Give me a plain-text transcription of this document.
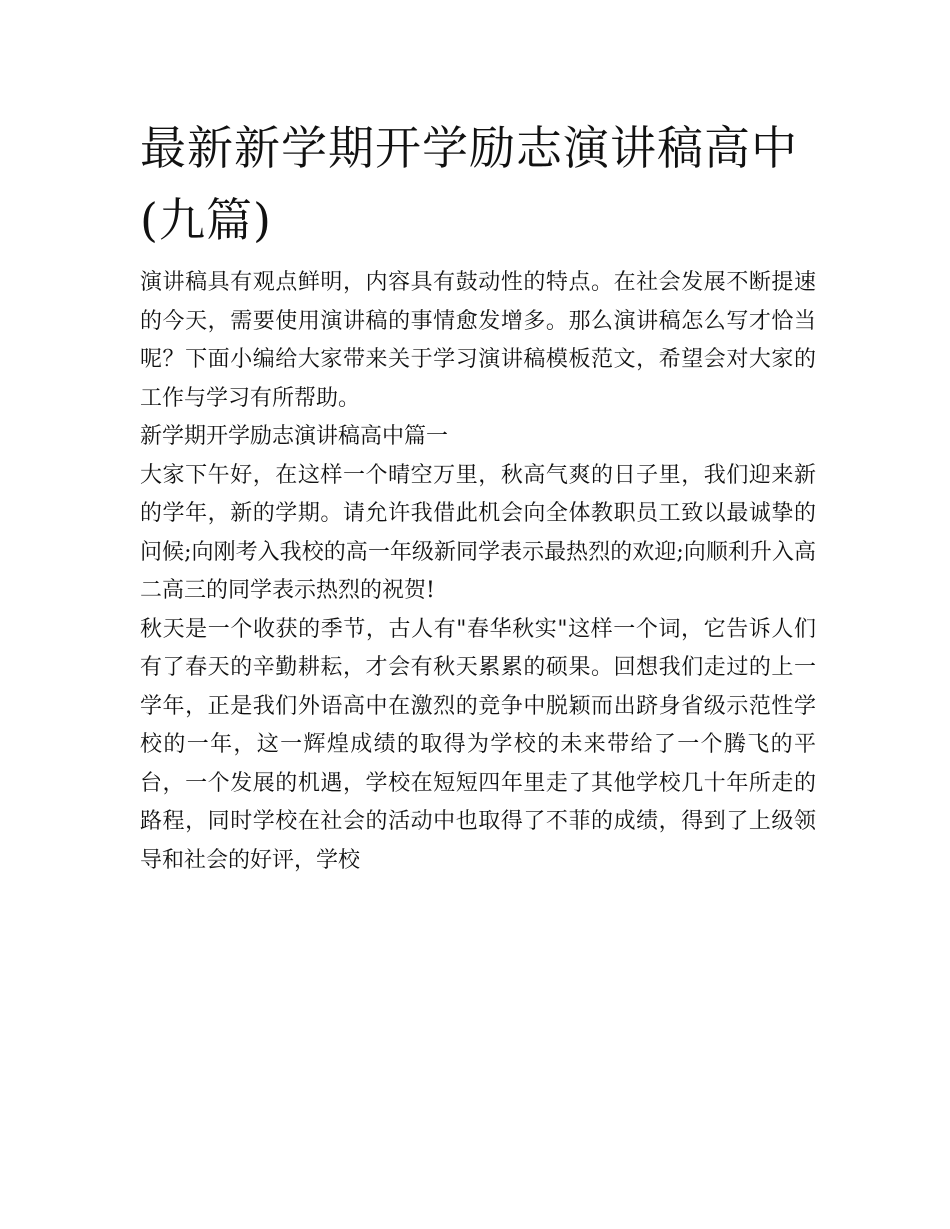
最新新学期开学励志演讲稿高中(九篇)

演讲稿具有观点鲜明，内容具有鼓动性的特点。在社会发展不断提速的今天，需要使用演讲稿的事情愈发增多。那么演讲稿怎么写才恰当呢？下面小编给大家带来关于学习演讲稿模板范文，希望会对大家的工作与学习有所帮助。

新学期开学励志演讲稿高中篇一

大家下午好，在这样一个晴空万里，秋高气爽的日子里，我们迎来新的学年，新的学期。请允许我借此机会向全体教职员工致以最诚挚的问候;向刚考入我校的高一年级新同学表示最热烈的欢迎;向顺利升入高二高三的同学表示热烈的祝贺!

秋天是一个收获的季节，古人有"春华秋实"这样一个词，它告诉人们有了春天的辛勤耕耘，才会有秋天累累的硕果。回想我们走过的上一学年，正是我们外语高中在激烈的竞争中脱颖而出跻身省级示范性学校的一年，这一辉煌成绩的取得为学校的未来带给了一个腾飞的平台，一个发展的机遇，学校在短短四年里走了其他学校几十年所走的路程，同时学校在社会的活动中也取得了不菲的成绩，得到了上级领导和社会的好评，学校
